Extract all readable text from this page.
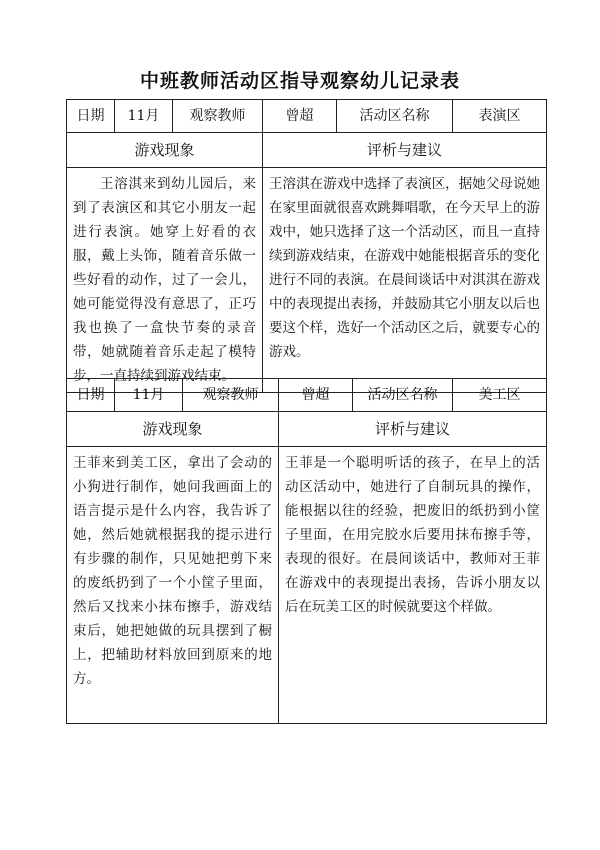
中班教师活动区指导观察幼儿记录表
日期	11月	观察教师	曾超	活动区名称	表演区
游戏现象			评析与建议		
王溶淇来到幼儿园后，来到了表演区和其它小朋友一起进行表演。她穿上好看的衣服，戴上头饰，随着音乐做一些好看的动作，过了一会儿，她可能觉得没有意思了，正巧我也换了一盒快节奏的录音带，她就随着音乐走起了模特步，一直持续到游戏结束。			王溶淇在游戏中选择了表演区，据她父母说她在家里面就很喜欢跳舞唱歌，在今天早上的游戏中，她只选择了这一个活动区，而且一直持续到游戏结束，在游戏中她能根据音乐的变化进行不同的表演。在晨间谈话中对淇淇在游戏中的表现提出表扬，并鼓励其它小朋友以后也要这个样，选好一个活动区之后，就要专心的游戏。		
日期	11月	观察教师	曾超	活动区名称	美工区
游戏现象			评析与建议		
王菲来到美工区，拿出了会动的小狗进行制作，她问我画面上的语言提示是什么内容，我告诉了她，然后她就根据我的提示进行有步骤的制作，只见她把剪下来的废纸扔到了一个小筐子里面，然后又找来小抹布擦手，游戏结束后，她把她做的玩具摆到了橱上，把辅助材料放回到原来的地方。			王菲是一个聪明听话的孩子，在早上的活动区活动中，她进行了自制玩具的操作，能根据以往的经验，把废旧的纸扔到小筐子里面，在用完胶水后要用抹布擦手等，表现的很好。在晨间谈话中，教师对王菲在游戏中的表现提出表扬，告诉小朋友以后在玩美工区的时候就要这个样做。		
